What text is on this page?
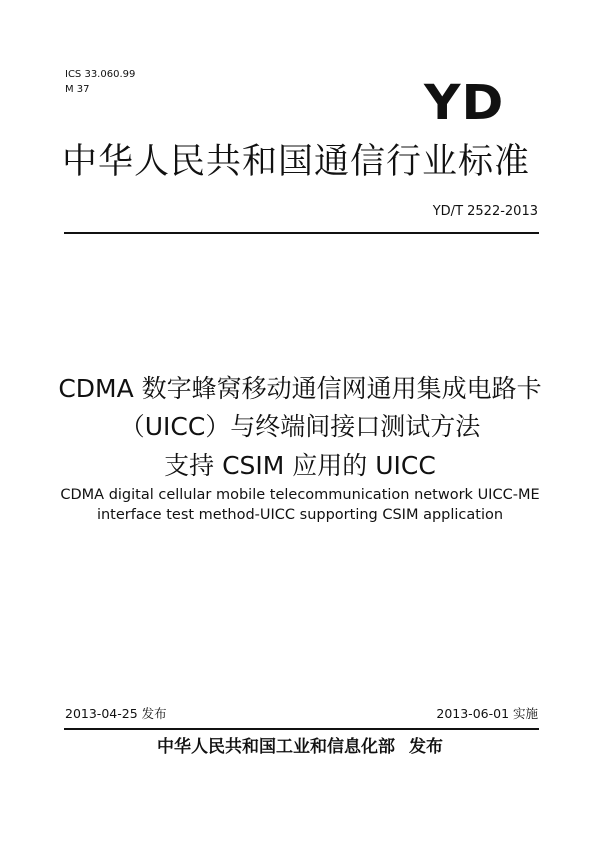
ICS 33.060.99
M 37	YD
中华人民共和国通信行业标准
YD/T 2522-2013
CDMA 数字蜂窝移动通信网通用集成电路卡
（UICC）与终端间接口测试方法
支持 CSIM 应用的 UICC
CDMA digital cellular mobile telecommunication network UICC-ME
interface test method-UICC supporting CSIM application
2013-04-25 发布	2013-06-01 实施
中华人民共和国工业和信息化部 发布
